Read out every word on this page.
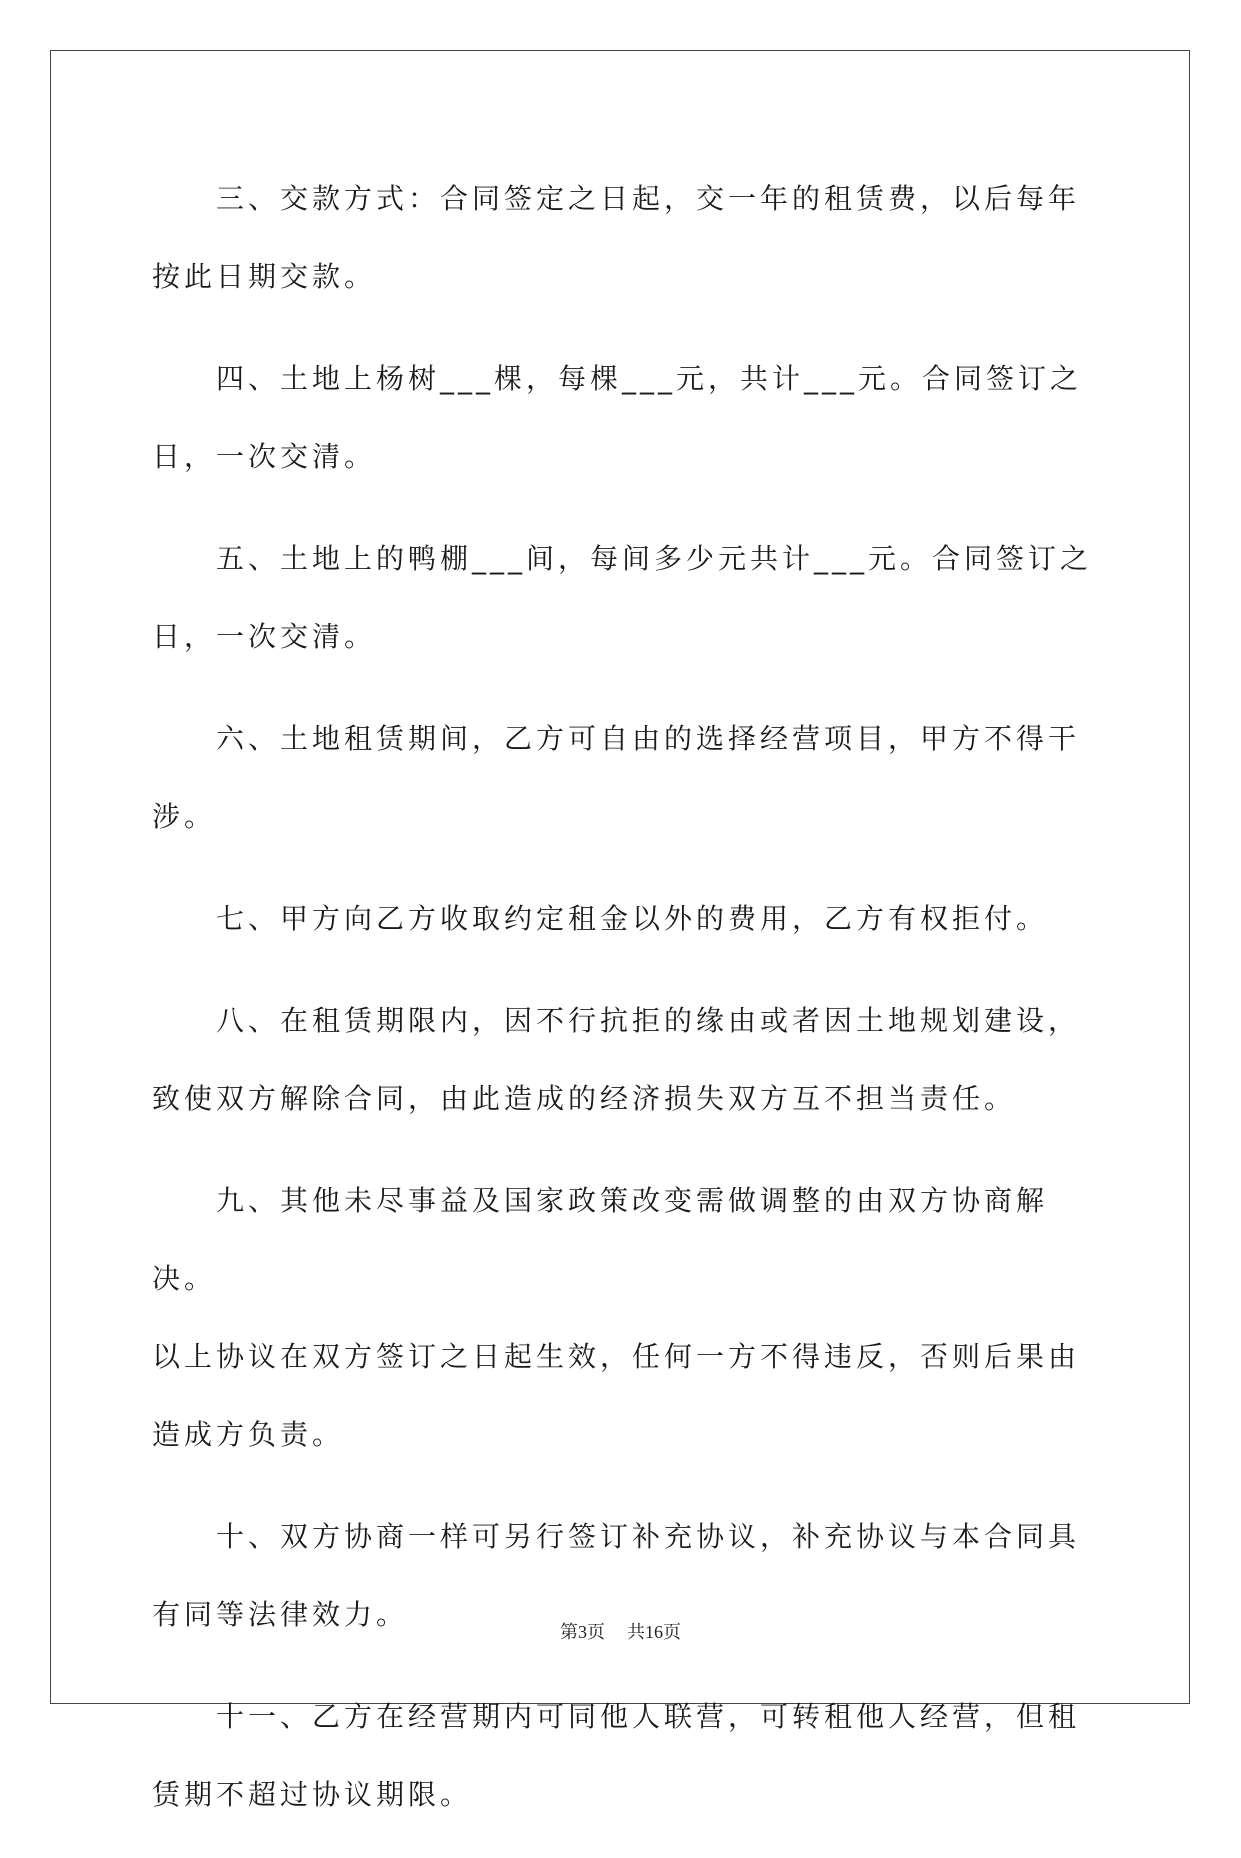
三、交款方式：合同签定之日起，交一年的租赁费，以后每年按此日期交款。

四、土地上杨树___棵，每棵___元，共计___元。合同签订之日，一次交清。

五、土地上的鸭棚___间，每间多少元共计___元。合同签订之日，一次交清。

六、土地租赁期间，乙方可自由的选择经营项目，甲方不得干涉。

七、甲方向乙方收取约定租金以外的费用，乙方有权拒付。

八、在租赁期限内，因不行抗拒的缘由或者因土地规划建设，致使双方解除合同，由此造成的经济损失双方互不担当责任。

九、其他未尽事益及国家政策改变需做调整的由双方协商解决。

以上协议在双方签订之日起生效，任何一方不得违反，否则后果由造成方负责。

十、双方协商一样可另行签订补充协议，补充协议与本合同具有同等法律效力。

十一、乙方在经营期内可同他人联营，可转租他人经营，但租赁期不超过协议期限。

第3页 共16页
